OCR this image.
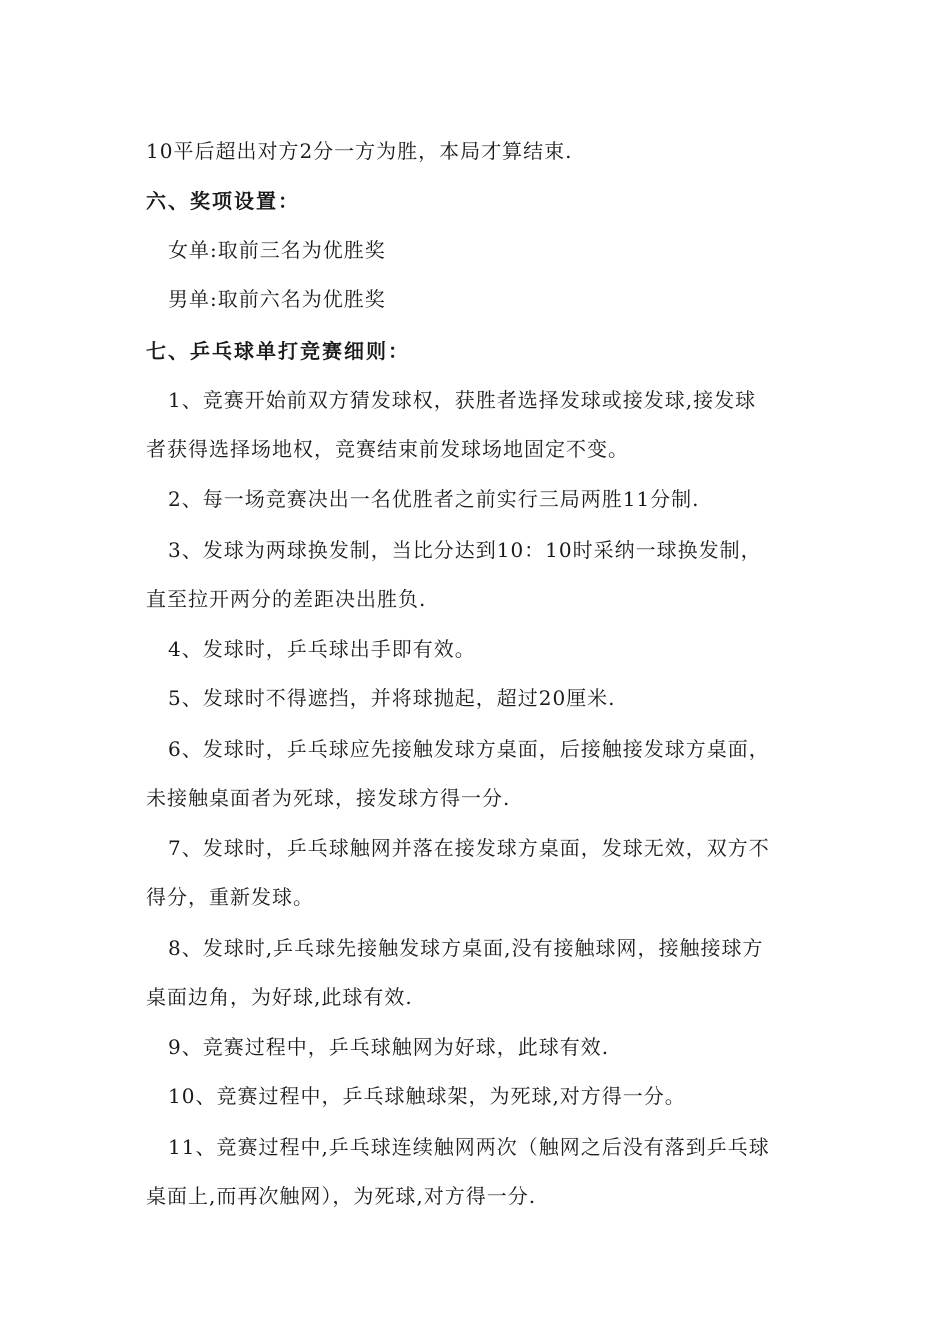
10平后超出对方2分一方为胜，本局才算结束.
六、奖项设置：
女单:取前三名为优胜奖
男单:取前六名为优胜奖
七、乒乓球单打竞赛细则：
1、竞赛开始前双方猜发球权，获胜者选择发球或接发球,接发球
者获得选择场地权，竞赛结束前发球场地固定不变。
2、每一场竞赛决出一名优胜者之前实行三局两胜11分制.
3、发球为两球换发制，当比分达到10：10时采纳一球换发制，
直至拉开两分的差距决出胜负.
4、发球时，乒乓球出手即有效。
5、发球时不得遮挡，并将球抛起，超过20厘米.
6、发球时，乒乓球应先接触发球方桌面，后接触接发球方桌面，
未接触桌面者为死球，接发球方得一分.
7、发球时，乒乓球触网并落在接发球方桌面，发球无效，双方不
得分，重新发球。
8、发球时,乒乓球先接触发球方桌面,没有接触球网，接触接球方
桌面边角，为好球,此球有效.
9、竞赛过程中，乒乓球触网为好球，此球有效.
10、竞赛过程中，乒乓球触球架，为死球,对方得一分。
11、竞赛过程中,乒乓球连续触网两次（触网之后没有落到乒乓球
桌面上,而再次触网），为死球,对方得一分.
